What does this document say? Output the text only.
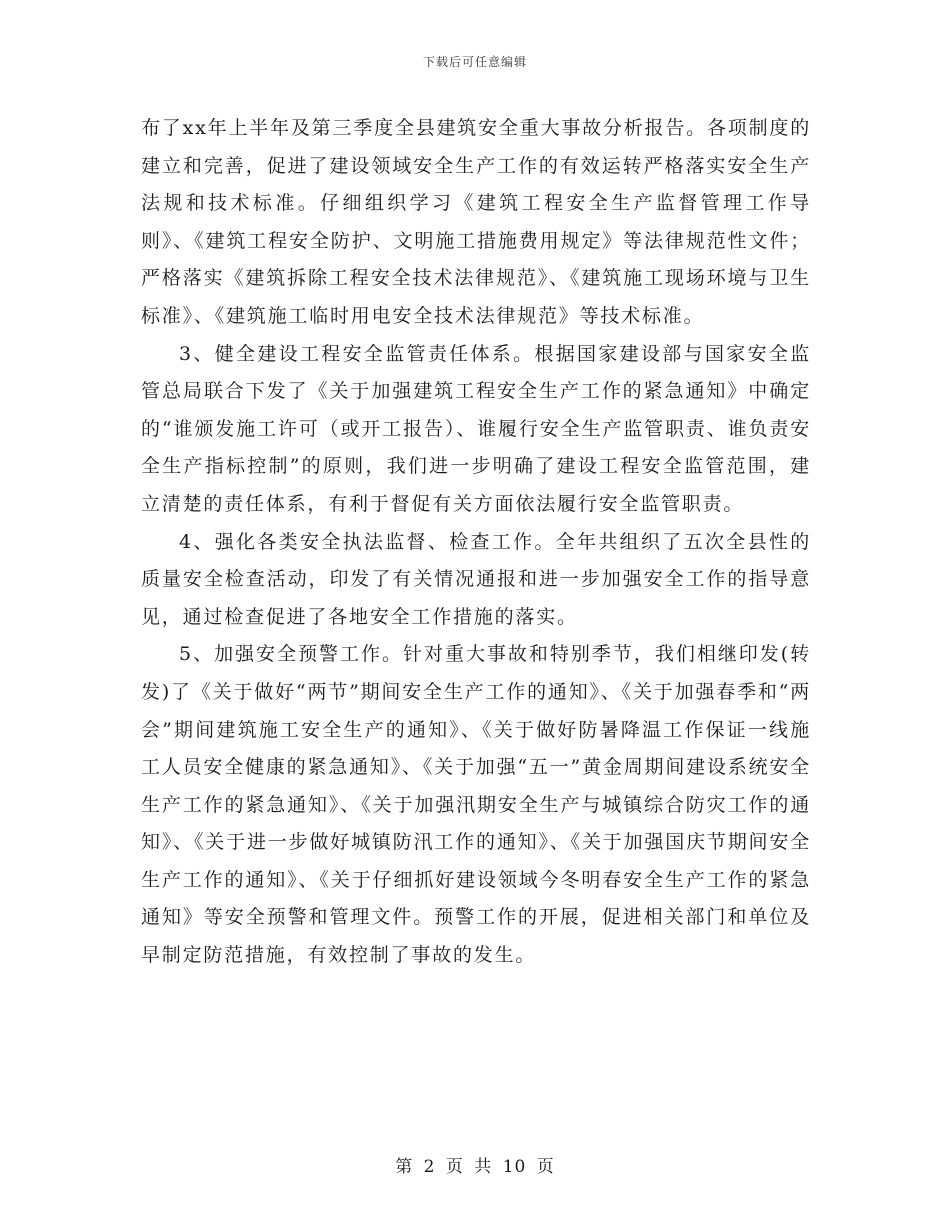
下载后可任意编辑

布了xx年上半年及第三季度全县建筑安全重大事故分析报告。各项制度的建立和完善，促进了建设领域安全生产工作的有效运转严格落实安全生产法规和技术标准。仔细组织学习《建筑工程安全生产监督管理工作导则》、《建筑工程安全防护、文明施工措施费用规定》等法律规范性文件；严格落实《建筑拆除工程安全技术法律规范》、《建筑施工现场环境与卫生标准》、《建筑施工临时用电安全技术法律规范》等技术标准。

3、健全建设工程安全监管责任体系。根据国家建设部与国家安全监管总局联合下发了《关于加强建筑工程安全生产工作的紧急通知》中确定的“谁颁发施工许可（或开工报告）、谁履行安全生产监管职责、谁负责安全生产指标控制”的原则，我们进一步明确了建设工程安全监管范围，建立清楚的责任体系，有利于督促有关方面依法履行安全监管职责。

4、强化各类安全执法监督、检查工作。全年共组织了五次全县性的质量安全检查活动，印发了有关情况通报和进一步加强安全工作的指导意见，通过检查促进了各地安全工作措施的落实。

5、加强安全预警工作。针对重大事故和特别季节，我们相继印发(转发)了《关于做好“两节”期间安全生产工作的通知》、《关于加强春季和“两会”期间建筑施工安全生产的通知》、《关于做好防暑降温工作保证一线施工人员安全健康的紧急通知》、《关于加强“五一”黄金周期间建设系统安全生产工作的紧急通知》、《关于加强汛期安全生产与城镇综合防灾工作的通知》、《关于进一步做好城镇防汛工作的通知》、《关于加强国庆节期间安全生产工作的通知》、《关于仔细抓好建设领域今冬明春安全生产工作的紧急通知》等安全预警和管理文件。预警工作的开展，促进相关部门和单位及早制定防范措施，有效控制了事故的发生。

第 2 页 共 10 页
